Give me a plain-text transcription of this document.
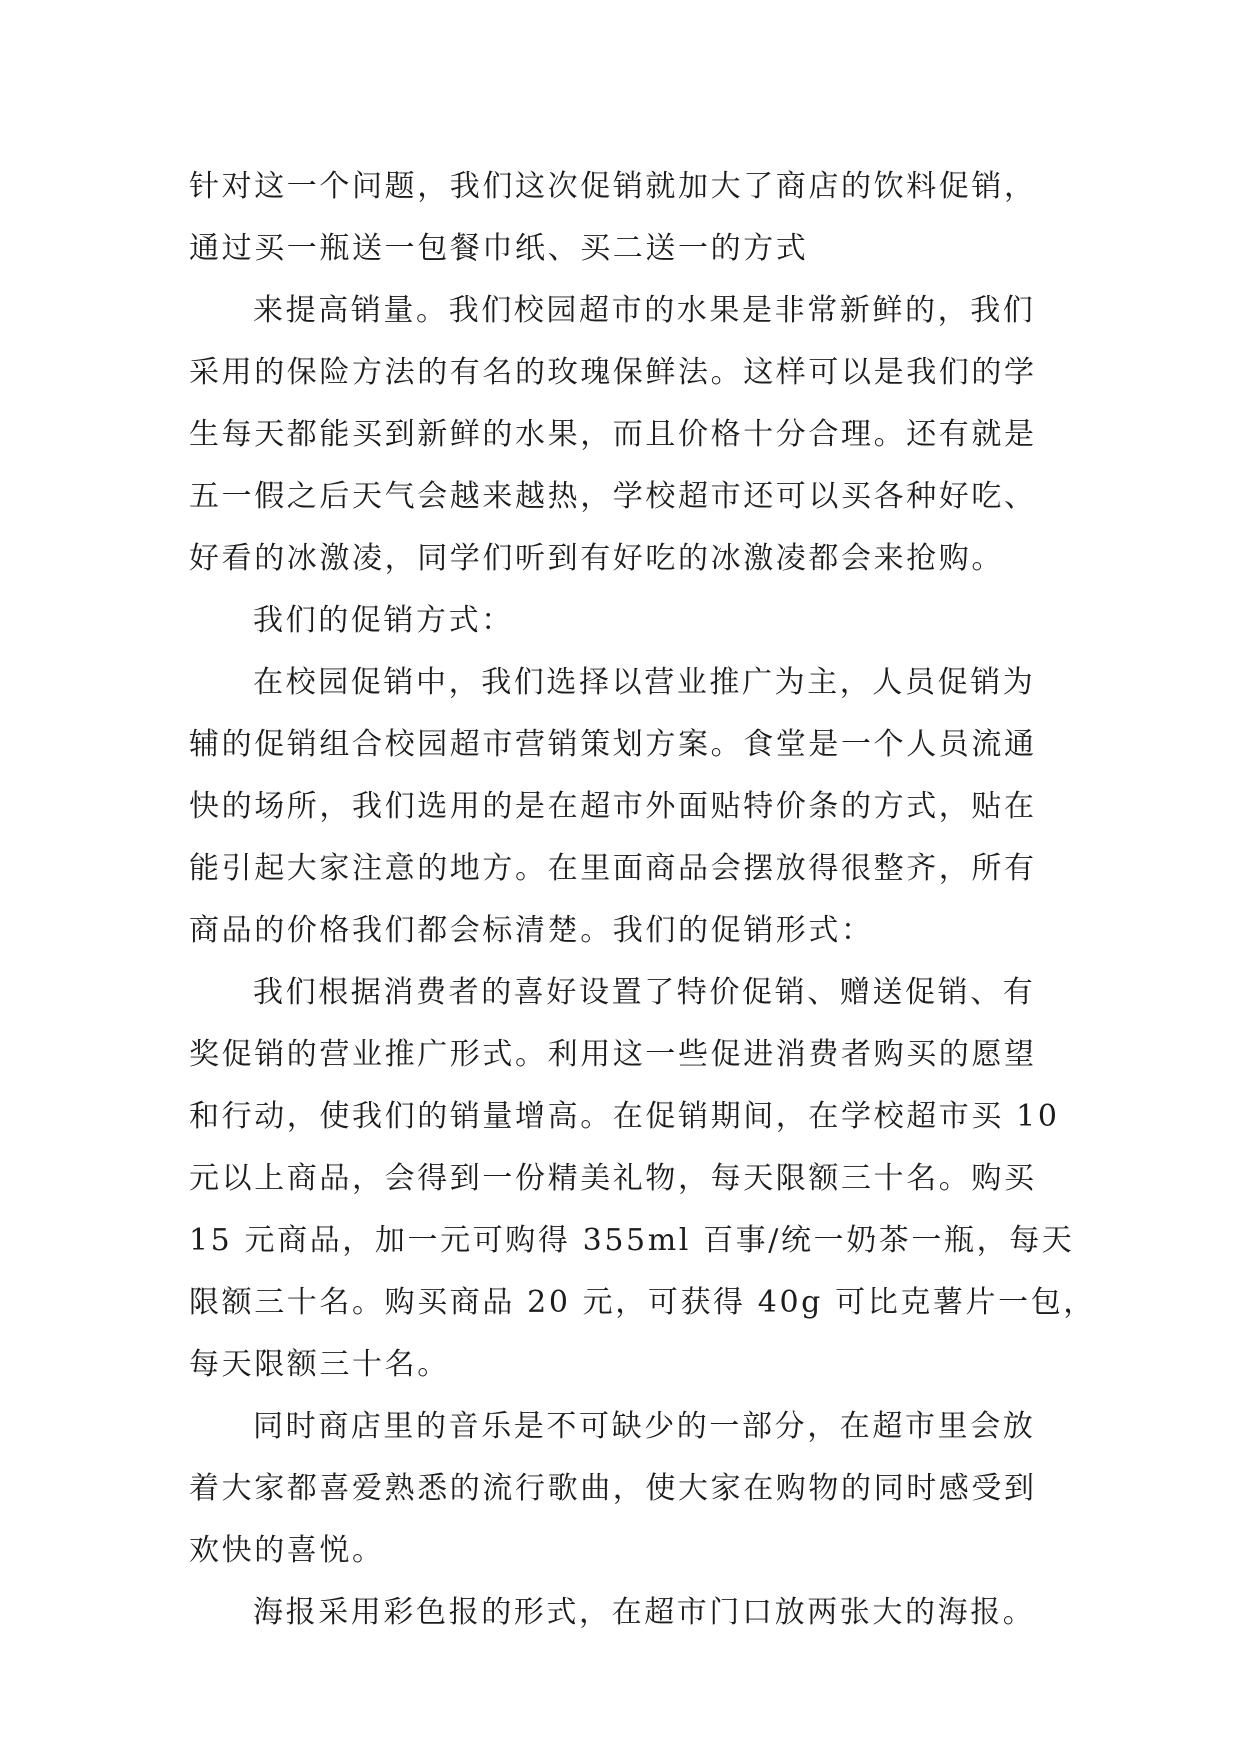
针对这一个问题，我们这次促销就加大了商店的饮料促销，
通过买一瓶送一包餐巾纸、买二送一的方式
来提高销量。我们校园超市的水果是非常新鲜的，我们
采用的保险方法的有名的玫瑰保鲜法。这样可以是我们的学
生每天都能买到新鲜的水果，而且价格十分合理。还有就是
五一假之后天气会越来越热，学校超市还可以买各种好吃、
好看的冰激凌，同学们听到有好吃的冰激凌都会来抢购。
我们的促销方式：
在校园促销中，我们选择以营业推广为主，人员促销为
辅的促销组合校园超市营销策划方案。食堂是一个人员流通
快的场所，我们选用的是在超市外面贴特价条的方式，贴在
能引起大家注意的地方。在里面商品会摆放得很整齐，所有
商品的价格我们都会标清楚。我们的促销形式：
我们根据消费者的喜好设置了特价促销、赠送促销、有
奖促销的营业推广形式。利用这一些促进消费者购买的愿望
和行动，使我们的销量增高。在促销期间，在学校超市买 10
元以上商品，会得到一份精美礼物，每天限额三十名。购买
15 元商品，加一元可购得 355ml 百事/统一奶茶一瓶，每天
限额三十名。购买商品 20 元，可获得 40g 可比克薯片一包，
每天限额三十名。
同时商店里的音乐是不可缺少的一部分，在超市里会放
着大家都喜爱熟悉的流行歌曲，使大家在购物的同时感受到
欢快的喜悦。
海报采用彩色报的形式，在超市门口放两张大的海报。
